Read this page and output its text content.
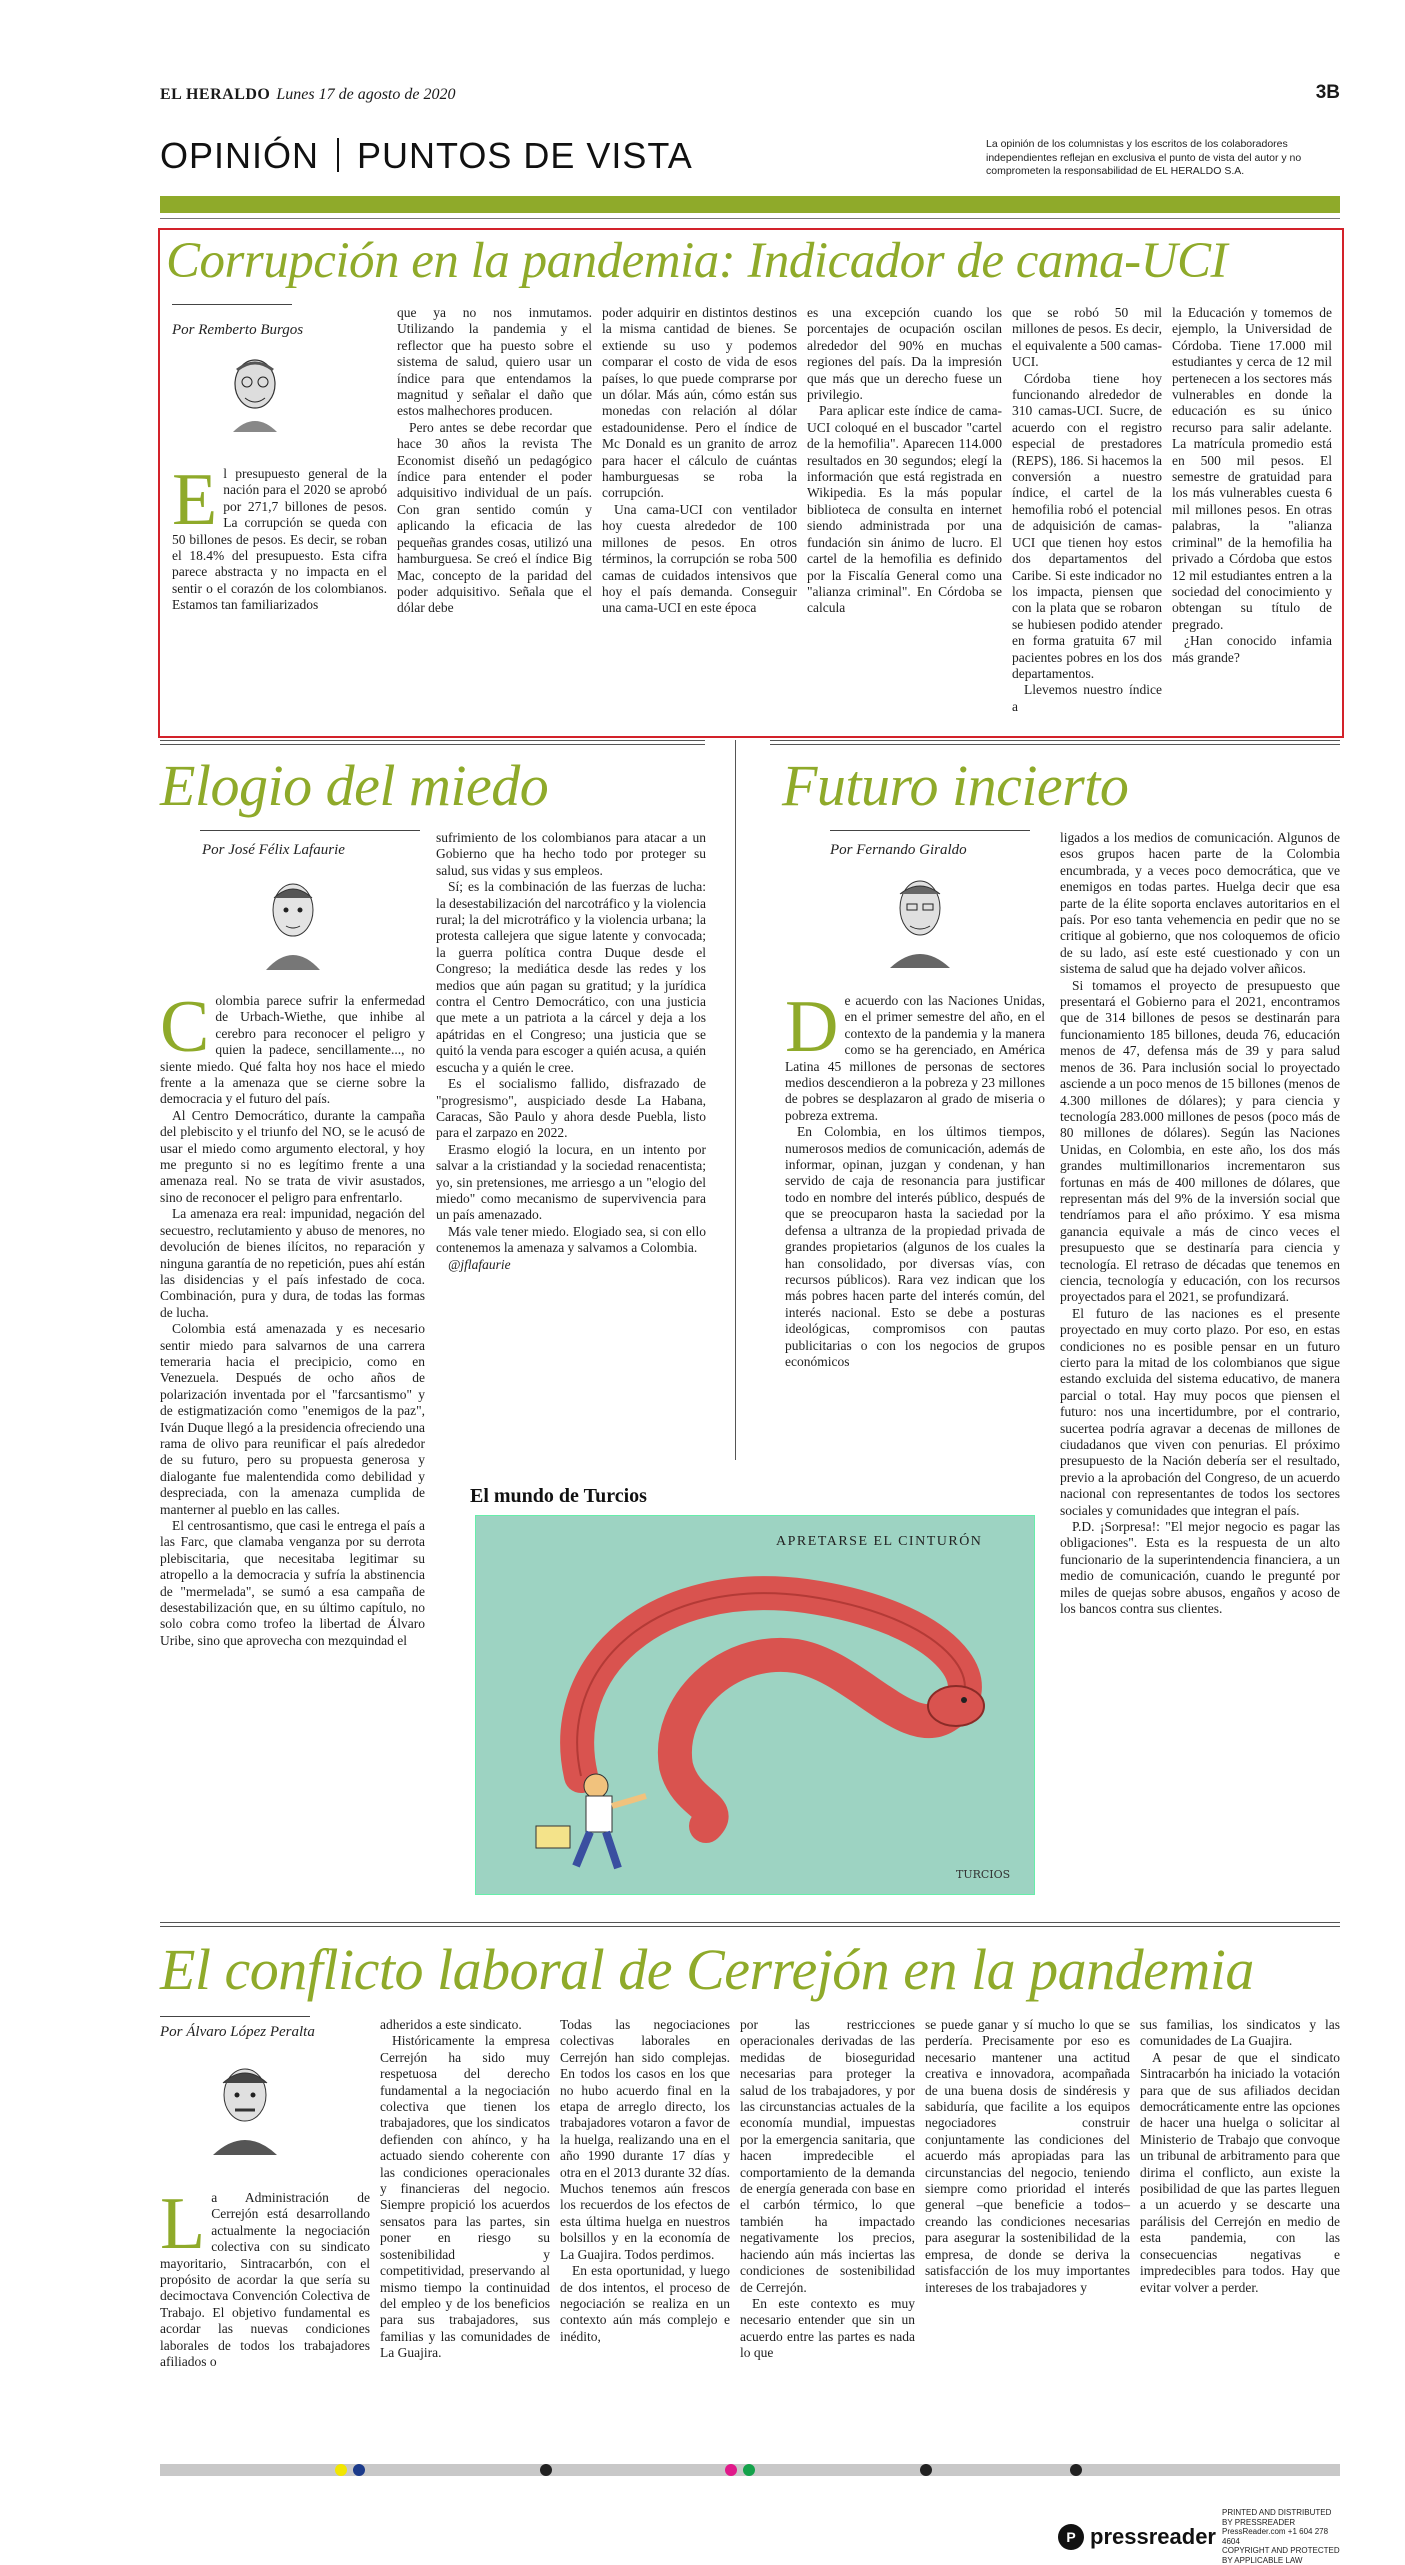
EL HERALDO Lunes 17 de agosto de 2020	3B
OPINIÓN PUNTOS DE VISTA	La opinión de los columnistas y los escritos de los colaboradores independientes reflejan en exclusiva el punto de vista del autor y no comprometen la responsabilidad de EL HERALDO S.A.
Corrupción en la pandemia: Indicador de cama-UCI
Por Remberto Burgos
E l presupuesto general de la nación para el 2020 se aprobó por 271,7 billones de pesos. La corrupción se queda con 50 billones de pesos. Es decir, se roban el 18.4% del presupuesto. Esta cifra parece abstracta y no impacta en el sentir o el corazón de los colombianos. Estamos tan familiarizados

que ya no nos inmutamos. Utilizando la pandemia y el reflector que ha puesto sobre el sistema de salud, quiero usar un índice para que entendamos la magnitud y señalar el daño que estos malhechores producen.

Pero antes se debe recordar que hace 30 años la revista The Economist diseñó un pedagógico índice para entender el poder adquisitivo individual de un país. Con gran sentido común y aplicando la eficacia de las pequeñas grandes cosas, utilizó una hamburguesa. Se creó el índice Big Mac, concepto de la paridad del poder adquisitivo. Señala que el dólar debe

poder adquirir en distintos destinos la misma cantidad de bienes. Se extiende su uso y podemos comparar el costo de vida de esos países, lo que puede comprarse por un dólar. Más aún, cómo están sus monedas con relación al dólar estadounidense. Pero el índice de Mc Donald es un granito de arroz para hacer el cálculo de cuántas hamburguesas se roba la corrupción.

Una cama-UCI con ventilador hoy cuesta alrededor de 100 millones de pesos. En otros términos, la corrupción se roba 500 camas de cuidados intensivos que hoy el país demanda. Conseguir una cama-UCI en este época

es una excepción cuando los porcentajes de ocupación oscilan alrededor del 90% en muchas regiones del país. Da la impresión que más que un derecho fuese un privilegio.

Para aplicar este índice de cama-UCI coloqué en el buscador "cartel de la hemofilia". Aparecen 114.000 resultados en 30 segundos; elegí la información que está registrada en Wikipedia. Es la más popular biblioteca de consulta en internet siendo administrada por una fundación sin ánimo de lucro. El cartel de la hemofilia es definido por la Fiscalía General como una "alianza criminal". En Córdoba se calcula

que se robó 50 mil millones de pesos. Es decir, el equivalente a 500 camas-UCI.

Córdoba tiene hoy funcionando alrededor de 310 camas-UCI. Sucre, de acuerdo con el registro especial de prestadores (REPS), 186. Si hacemos la conversión a nuestro índice, el cartel de la hemofilia robó el potencial de adquisición de camas-UCI que tienen hoy estos dos departamentos del Caribe. Si este indicador no los impacta, piensen que con la plata que se robaron se hubiesen podido atender en forma gratuita 67 mil pacientes pobres en los dos departamentos.

Llevemos nuestro índice a

la Educación y tomemos de ejemplo, la Universidad de Córdoba. Tiene 17.000 mil estudiantes y cerca de 12 mil pertenecen a los sectores más vulnerables en donde la educación es su único recurso para salir adelante. La matrícula promedio está en 500 mil pesos. El semestre de gratuidad para los más vulnerables cuesta 6 mil millones pesos. En otras palabras, la "alianza criminal" de la hemofilia ha privado a Córdoba que estos 12 mil estudiantes entren a la sociedad del conocimiento y obtengan su título de pregrado.

¿Han conocido infamia más grande?

Elogio del miedo
Por José Félix Lafaurie
C olombia parece sufrir la enfermedad de Urbach-Wiethe, que inhibe al cerebro para reconocer el peligro y quien la padece, sencillamente..., no siente miedo. Qué falta hoy nos hace el miedo frente a la amenaza que se cierne sobre la democracia y el futuro del país.

Al Centro Democrático, durante la campaña del plebiscito y el triunfo del NO, se le acusó de usar el miedo como argumento electoral, y hoy me pregunto si no es legítimo frente a una amenaza real. No se trata de vivir asustados, sino de reconocer el peligro para enfrentarlo.

La amenaza era real: impunidad, negación del secuestro, reclutamiento y abuso de menores, no devolución de bienes ilícitos, no reparación y ninguna garantía de no repetición, pues ahí están las disidencias y el país infestado de coca. Combinación, pura y dura, de todas las formas de lucha.

Colombia está amenazada y es necesario sentir miedo para salvarnos de una carrera temeraria hacia el precipicio, como en Venezuela. Después de ocho años de polarización inventada por el "farcsantismo" y de estigmatización como "enemigos de la paz", Iván Duque llegó a la presidencia ofreciendo una rama de olivo para reunificar el país alrededor de su futuro, pero su propuesta generosa y dialogante fue malentendida como debilidad y despreciada, con la amenaza cumplida de manterner al pueblo en las calles.

El centrosantismo, que casi le entrega el país a las Farc, que clamaba venganza por su derrota plebiscitaria, que necesitaba legitimar su atropello a la democracia y sufría la abstinencia de "mermelada", se sumó a esa campaña de desestabilización que, en su último capítulo, no solo cobra como trofeo la libertad de Álvaro Uribe, sino que aprovecha con mezquindad el

sufrimiento de los colombianos para atacar a un Gobierno que ha hecho todo por proteger su salud, sus vidas y sus empleos.

Sí; es la combinación de las fuerzas de lucha: la desestabilización del narcotráfico y la violencia rural; la del microtráfico y la violencia urbana; la protesta callejera que sigue latente y convocada; la guerra política contra Duque desde el Congreso; la mediática desde las redes y los medios que aún pagan su gratitud; y la jurídica contra el Centro Democrático, con una justicia que mete a un patriota a la cárcel y deja a los apátridas en el Congreso; una justicia que se quitó la venda para escoger a quién acusa, a quién escucha y a quién le cree.

Es el socialismo fallido, disfrazado de "progresismo", auspiciado desde La Habana, Caracas, São Paulo y ahora desde Puebla, listo para el zarpazo en 2022.

Erasmo elogió la locura, en un intento por salvar a la cristiandad y la sociedad renacentista; yo, sin pretensiones, me arriesgo a un "elogio del miedo" como mecanismo de supervivencia para un país amenazado.

Más vale tener miedo. Elogiado sea, si con ello contenemos la amenaza y salvamos a Colombia.

@jflafaurie

Futuro incierto
Por Fernando Giraldo
D e acuerdo con las Naciones Unidas, en el primer semestre del año, en el contexto de la pandemia y la manera como se ha gerenciado, en América Latina 45 millones de personas de sectores medios descendieron a la pobreza y 23 millones de pobres se desplazaron al grado de miseria o pobreza extrema.

En Colombia, en los últimos tiempos, numerosos medios de comunicación, además de informar, opinan, juzgan y condenan, y han servido de caja de resonancia para justificar todo en nombre del interés público, después de que se preocuparon hasta la saciedad por la defensa a ultranza de la propiedad privada de grandes propietarios (algunos de los cuales la han consolidado, por diversas vías, con recursos públicos). Rara vez indican que los más pobres hacen parte del interés común, del interés nacional. Esto se debe a posturas ideológicas, compromisos con pautas publicitarias o con los negocios de grupos económicos

ligados a los medios de comunicación. Algunos de esos grupos hacen parte de la Colombia encumbrada, y a veces poco democrática, que ve enemigos en todas partes. Huelga decir que esa parte de la élite soporta enclaves autoritarios en el país. Por eso tanta vehemencia en pedir que no se critique al gobierno, que nos coloquemos de oficio de su lado, así este esté cuestionado y con un sistema de salud que ha dejado volver añicos.

Si tomamos el proyecto de presupuesto que presentará el Gobierno para el 2021, encontramos que de 314 billones de pesos se destinarán para funcionamiento 185 billones, deuda 76, educación menos de 47, defensa más de 39 y para salud menos de 36. Para inclusión social lo proyectado asciende a un poco menos de 15 billones (menos de 4.300 millones de dólares); y para ciencia y tecnología 283.000 millones de pesos (poco más de 80 millones de dólares). Según las Naciones Unidas, en Colombia, en este año, los dos más grandes multimillonarios incrementaron sus fortunas en más de 400 millones de dólares, que representan más del 9% de la inversión social que tendríamos para el año próximo. Y esa misma ganancia equivale a más de cinco veces el presupuesto que se destinaría para ciencia y tecnología. El retraso de décadas que tenemos en ciencia, tecnología y educación, con los recursos proyectados para el 2021, se profundizará.

El futuro de las naciones es el presente proyectado en muy corto plazo. Por eso, en estas condiciones no es posible pensar en un futuro cierto para la mitad de los colombianos que sigue estando excluida del sistema educativo, de manera parcial o total. Hay muy pocos que piensen el futuro: nos una incertidumbre, por el contrario, sucertea podría agravar a decenas de millones de ciudadanos que viven con penurias. El próximo presupuesto de la Nación debería ser el resultado, previo a la aprobación del Congreso, de un acuerdo nacional con representantes de todos los sectores sociales y comunidades que integran el país.

P.D. ¡Sorpresa!: "El mejor negocio es pagar las obligaciones". Esta es la respuesta de un alto funcionario de la superintendencia financiera, a un medio de comunicación, cuando le pregunté por miles de quejas sobre abusos, engaños y acoso de los bancos contra sus clientes.

El mundo de Turcios
APRETARSE EL CINTURÓN
TURCIOS
El conflicto laboral de Cerrejón en la pandemia
Por Álvaro López Peralta
L a Administración de Cerrejón está desarrollando actualmente la negociación colectiva con su sindicato mayoritario, Sintracarbón, con el propósito de acordar la que sería su decimoctava Convención Colectiva de Trabajo. El objetivo fundamental es acordar las nuevas condiciones laborales de todos los trabajadores afiliados o

adheridos a este sindicato.

Históricamente la empresa Cerrejón ha sido muy respetuosa del derecho fundamental a la negociación colectiva que tienen los trabajadores, que los sindicatos defienden con ahínco, y ha actuado siendo coherente con las condiciones operacionales y financieras del negocio. Siempre propició los acuerdos sensatos para las partes, sin poner en riesgo su sostenibilidad y competitividad, preservando al mismo tiempo la continuidad del empleo y de los beneficios para sus trabajadores, sus familias y las comunidades de La Guajira.

Todas las negociaciones colectivas laborales en Cerrejón han sido complejas. En todos los casos en los que no hubo acuerdo final en la etapa de arreglo directo, los trabajadores votaron a favor de la huelga, realizando una en el año 1990 durante 17 días y otra en el 2013 durante 32 días. Muchos tenemos aún frescos los recuerdos de los efectos de esta última huelga en nuestros bolsillos y en la economía de La Guajira. Todos perdimos.

En esta oportunidad, y luego de dos intentos, el proceso de negociación se realiza en un contexto aún más complejo e inédito,

por las restricciones operacionales derivadas de las medidas de bioseguridad necesarias para proteger la salud de los trabajadores, y por las circunstancias actuales de la economía mundial, impuestas por la emergencia sanitaria, que hacen impredecible el comportamiento de la demanda de energía generada con base en el carbón térmico, lo que también ha impactado negativamente los precios, haciendo aún más inciertas las condiciones de sostenibilidad de Cerrejón.

En este contexto es muy necesario entender que sin un acuerdo entre las partes es nada lo que

se puede ganar y sí mucho lo que se perdería. Precisamente por eso es necesario mantener una actitud creativa e innovadora, acompañada de una buena dosis de sindéresis y sabiduría, que facilite a los equipos negociadores construir conjuntamente las condiciones del acuerdo más apropiadas para las circunstancias del negocio, teniendo siempre como prioridad el interés general –que beneficie a todos– creando las condiciones necesarias para asegurar la sostenibilidad de la empresa, de donde se deriva la satisfacción de los muy importantes intereses de los trabajadores y

sus familias, los sindicatos y las comunidades de La Guajira.

A pesar de que el sindicato Sintracarbón ha iniciado la votación para que de sus afiliados decidan democráticamente entre las opciones de hacer una huelga o solicitar al Ministerio de Trabajo que convoque un tribunal de arbitramento para que dirima el conflicto, aun existe la posibilidad de que las partes lleguen a un acuerdo y se descarte una parálisis del Cerrejón en medio de esta pandemia, con las consecuencias negativas e impredecibles para todos. Hay que evitar volver a perder.

P pressreader
PRINTED AND DISTRIBUTED BY PRESSREADER
PressReader.com +1 604 278 4604
COPYRIGHT AND PROTECTED BY APPLICABLE LAW
